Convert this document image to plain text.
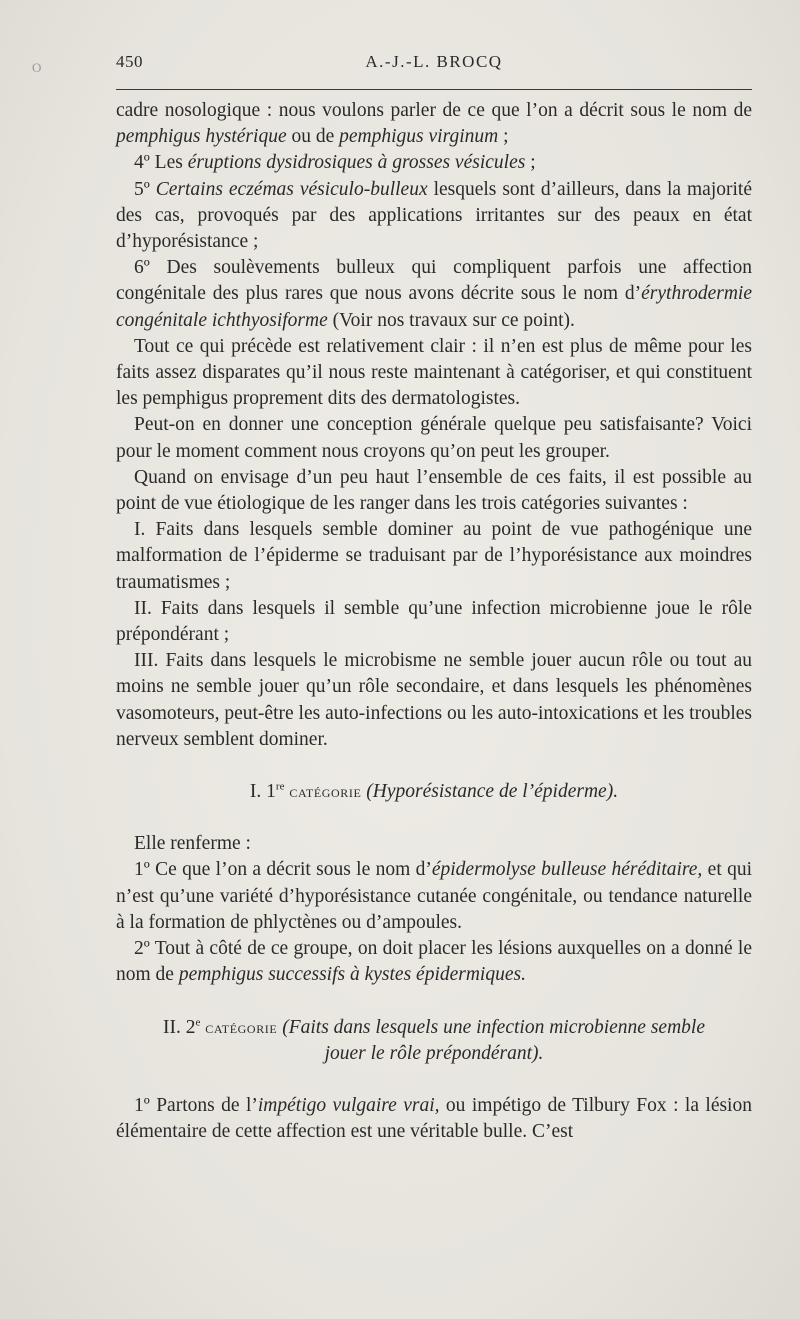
O	450	A.-J.-L. BROCQ

cadre nosologique : nous voulons parler de ce que l’on a décrit sous le nom de pemphigus hystérique ou de pemphigus virginum ;

4º Les éruptions dysidrosiques à grosses vésicules ;

5º Certains eczémas vésiculo-bulleux lesquels sont d’ailleurs, dans la majorité des cas, provoqués par des applications irritantes sur des peaux en état d’hyporésistance ;

6º Des soulèvements bulleux qui compliquent parfois une affection congénitale des plus rares que nous avons décrite sous le nom d’érythrodermie congénitale ichthyosiforme (Voir nos travaux sur ce point).

Tout ce qui précède est relativement clair : il n’en est plus de même pour les faits assez disparates qu’il nous reste maintenant à catégoriser, et qui constituent les pemphigus proprement dits des dermatologistes.

Peut-on en donner une conception générale quelque peu satisfaisante? Voici pour le moment comment nous croyons qu’on peut les grouper.

Quand on envisage d’un peu haut l’ensemble de ces faits, il est possible au point de vue étiologique de les ranger dans les trois catégories suivantes :

I. Faits dans lesquels semble dominer au point de vue pathogénique une malformation de l’épiderme se traduisant par de l’hyporésistance aux moindres traumatismes ;

II. Faits dans lesquels il semble qu’une infection microbienne joue le rôle prépondérant ;

III. Faits dans lesquels le microbisme ne semble jouer aucun rôle ou tout au moins ne semble jouer qu’un rôle secondaire, et dans lesquels les phénomènes vasomoteurs, peut-être les auto-infections ou les auto-intoxications et les troubles nerveux semblent dominer.

I. 1re catégorie (Hyporésistance de l’épiderme).

Elle renferme :

1º Ce que l’on a décrit sous le nom d’épidermolyse bulleuse héréditaire, et qui n’est qu’une variété d’hyporésistance cutanée congénitale, ou tendance naturelle à la formation de phlyctènes ou d’ampoules.

2º Tout à côté de ce groupe, on doit placer les lésions auxquelles on a donné le nom de pemphigus successifs à kystes épidermiques.

II. 2e catégorie (Faits dans lesquels une infection microbienne semble jouer le rôle prépondérant).

1º Partons de l’impétigo vulgaire vrai, ou impétigo de Tilbury Fox : la lésion élémentaire de cette affection est une véritable bulle. C’est
